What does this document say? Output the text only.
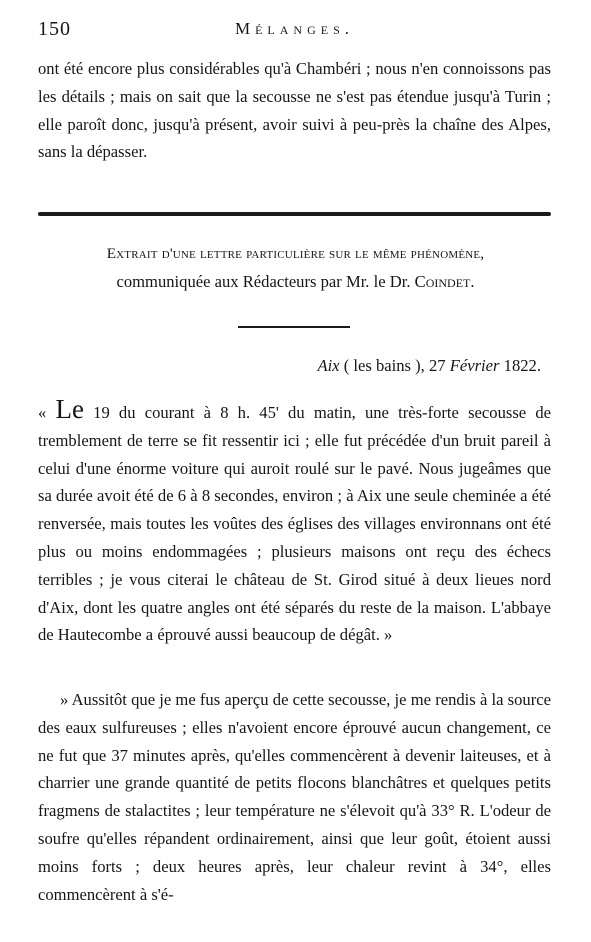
150	Mélanges.

ont été encore plus considérables qu'à Chambéri ; nous n'en connoissons pas les détails ; mais on sait que la secousse ne s'est pas étendue jusqu'à Turin ; elle paroît donc, jusqu'à présent, avoir suivi à peu-près la chaîne des Alpes, sans la dépasser.

Extrait d'une lettre particulière sur le même phénomène,
communiquée aux Rédacteurs par Mr. le Dr. Coindet.
Aix ( les bains ), 27 Février 1822.

« Le 19 du courant à 8 h. 45' du matin, une très-forte secousse de tremblement de terre se fit ressentir ici ; elle fut précédée d'un bruit pareil à celui d'une énorme voiture qui auroit roulé sur le pavé. Nous jugeâmes que sa durée avoit été de 6 à 8 secondes, environ ; à Aix une seule cheminée a été renversée, mais toutes les voûtes des églises des villages environnans ont été plus ou moins endommagées ; plusieurs maisons ont reçu des échecs terribles ; je vous citerai le château de St. Girod situé à deux lieues nord d'Aix, dont les quatre angles ont été séparés du reste de la maison. L'abbaye de Hautecombe a éprouvé aussi beaucoup de dégât. »

» Aussitôt que je me fus aperçu de cette secousse, je me rendis à la source des eaux sulfureuses ; elles n'avoient encore éprouvé aucun changement, ce ne fut que 37 minutes après, qu'elles commencèrent à devenir laiteuses, et à charrier une grande quantité de petits flocons blanchâtres et quelques petits fragmens de stalactites ; leur température ne s'élevoit qu'à 33° R. L'odeur de soufre qu'elles répandent ordinairement, ainsi que leur goût, étoient aussi moins forts ; deux heures après, leur chaleur revint à 34°, elles commencèrent à s'é-
